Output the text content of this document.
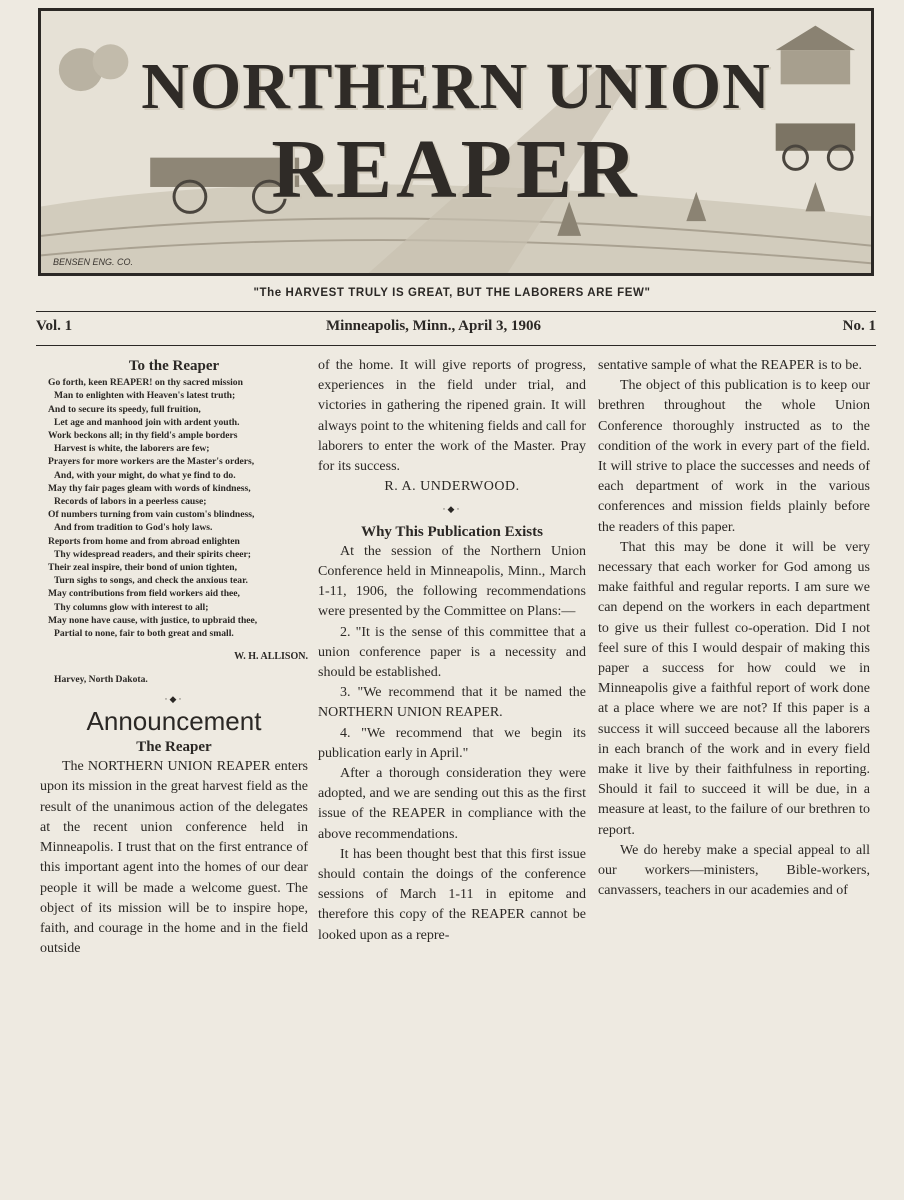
NORTHERN UNION
REAPER
BENSEN ENG. CO.
"The HARVEST TRULY IS GREAT, BUT THE LABORERS ARE FEW"
Vol. 1	Minneapolis, Minn., April 3, 1906	No. 1

To the Reaper

Go forth, keen REAPER! on thy sacred mission

Man to enlighten with Heaven's latest truth;

And to secure its speedy, full fruition,

Let age and manhood join with ardent youth.

Work beckons all; in thy field's ample borders

Harvest is white, the laborers are few;

Prayers for more workers are the Master's orders,

And, with your might, do what ye find to do.

May thy fair pages gleam with words of kindness,

Records of labors in a peerless cause;

Of numbers turning from vain custom's blindness,

And from tradition to God's holy laws.

Reports from home and from abroad enlighten

Thy widespread readers, and their spirits cheer;

Their zeal inspire, their bond of union tighten,

Turn sighs to songs, and check the anxious tear.

May contributions from field workers aid thee,

Thy columns glow with interest to all;

May none have cause, with justice, to upbraid thee,

Partial to none, fair to both great and small.

W. H. ALLISON.

Harvey, North Dakota.

·◆·
Announcement

The Reaper

The NORTHERN UNION REAPER enters upon its mission in the great harvest field as the result of the unanimous action of the delegates at the recent union conference held in Minneapolis. I trust that on the first entrance of this important agent into the homes of our dear people it will be made a welcome guest. The object of its mission will be to inspire hope, faith, and courage in the home and in the field outside

of the home. It will give reports of progress, experiences in the field under trial, and victories in gathering the ripened grain. It will always point to the whitening fields and call for laborers to enter the work of the Master. Pray for its success.

R. A. UNDERWOOD.

·◆·

Why This Publication Exists

At the session of the Northern Union Conference held in Minneapolis, Minn., March 1-11, 1906, the following recommendations were presented by the Committee on Plans:—

2. "It is the sense of this committee that a union conference paper is a necessity and should be established.

3. "We recommend that it be named the NORTHERN UNION REAPER.

4. "We recommend that we begin its publication early in April."

After a thorough consideration they were adopted, and we are sending out this as the first issue of the REAPER in compliance with the above recommendations.

It has been thought best that this first issue should contain the doings of the conference sessions of March 1-11 in epitome and therefore this copy of the REAPER cannot be looked upon as a repre-

sentative sample of what the REAPER is to be.

The object of this publication is to keep our brethren throughout the whole Union Conference thoroughly instructed as to the condition of the work in every part of the field. It will strive to place the successes and needs of each department of work in the various conferences and mission fields plainly before the readers of this paper.

That this may be done it will be very necessary that each worker for God among us make faithful and regular reports. I am sure we can depend on the workers in each department to give us their fullest co-operation. Did I not feel sure of this I would despair of making this paper a success for how could we in Minneapolis give a faithful report of work done at a place where we are not? If this paper is a success it will succeed because all the laborers in each branch of the work and in every field make it live by their faithfulness in reporting. Should it fail to succeed it will be due, in a measure at least, to the failure of our brethren to report.

We do hereby make a special appeal to all our workers—ministers, Bible-workers, canvassers, teachers in our academies and of
